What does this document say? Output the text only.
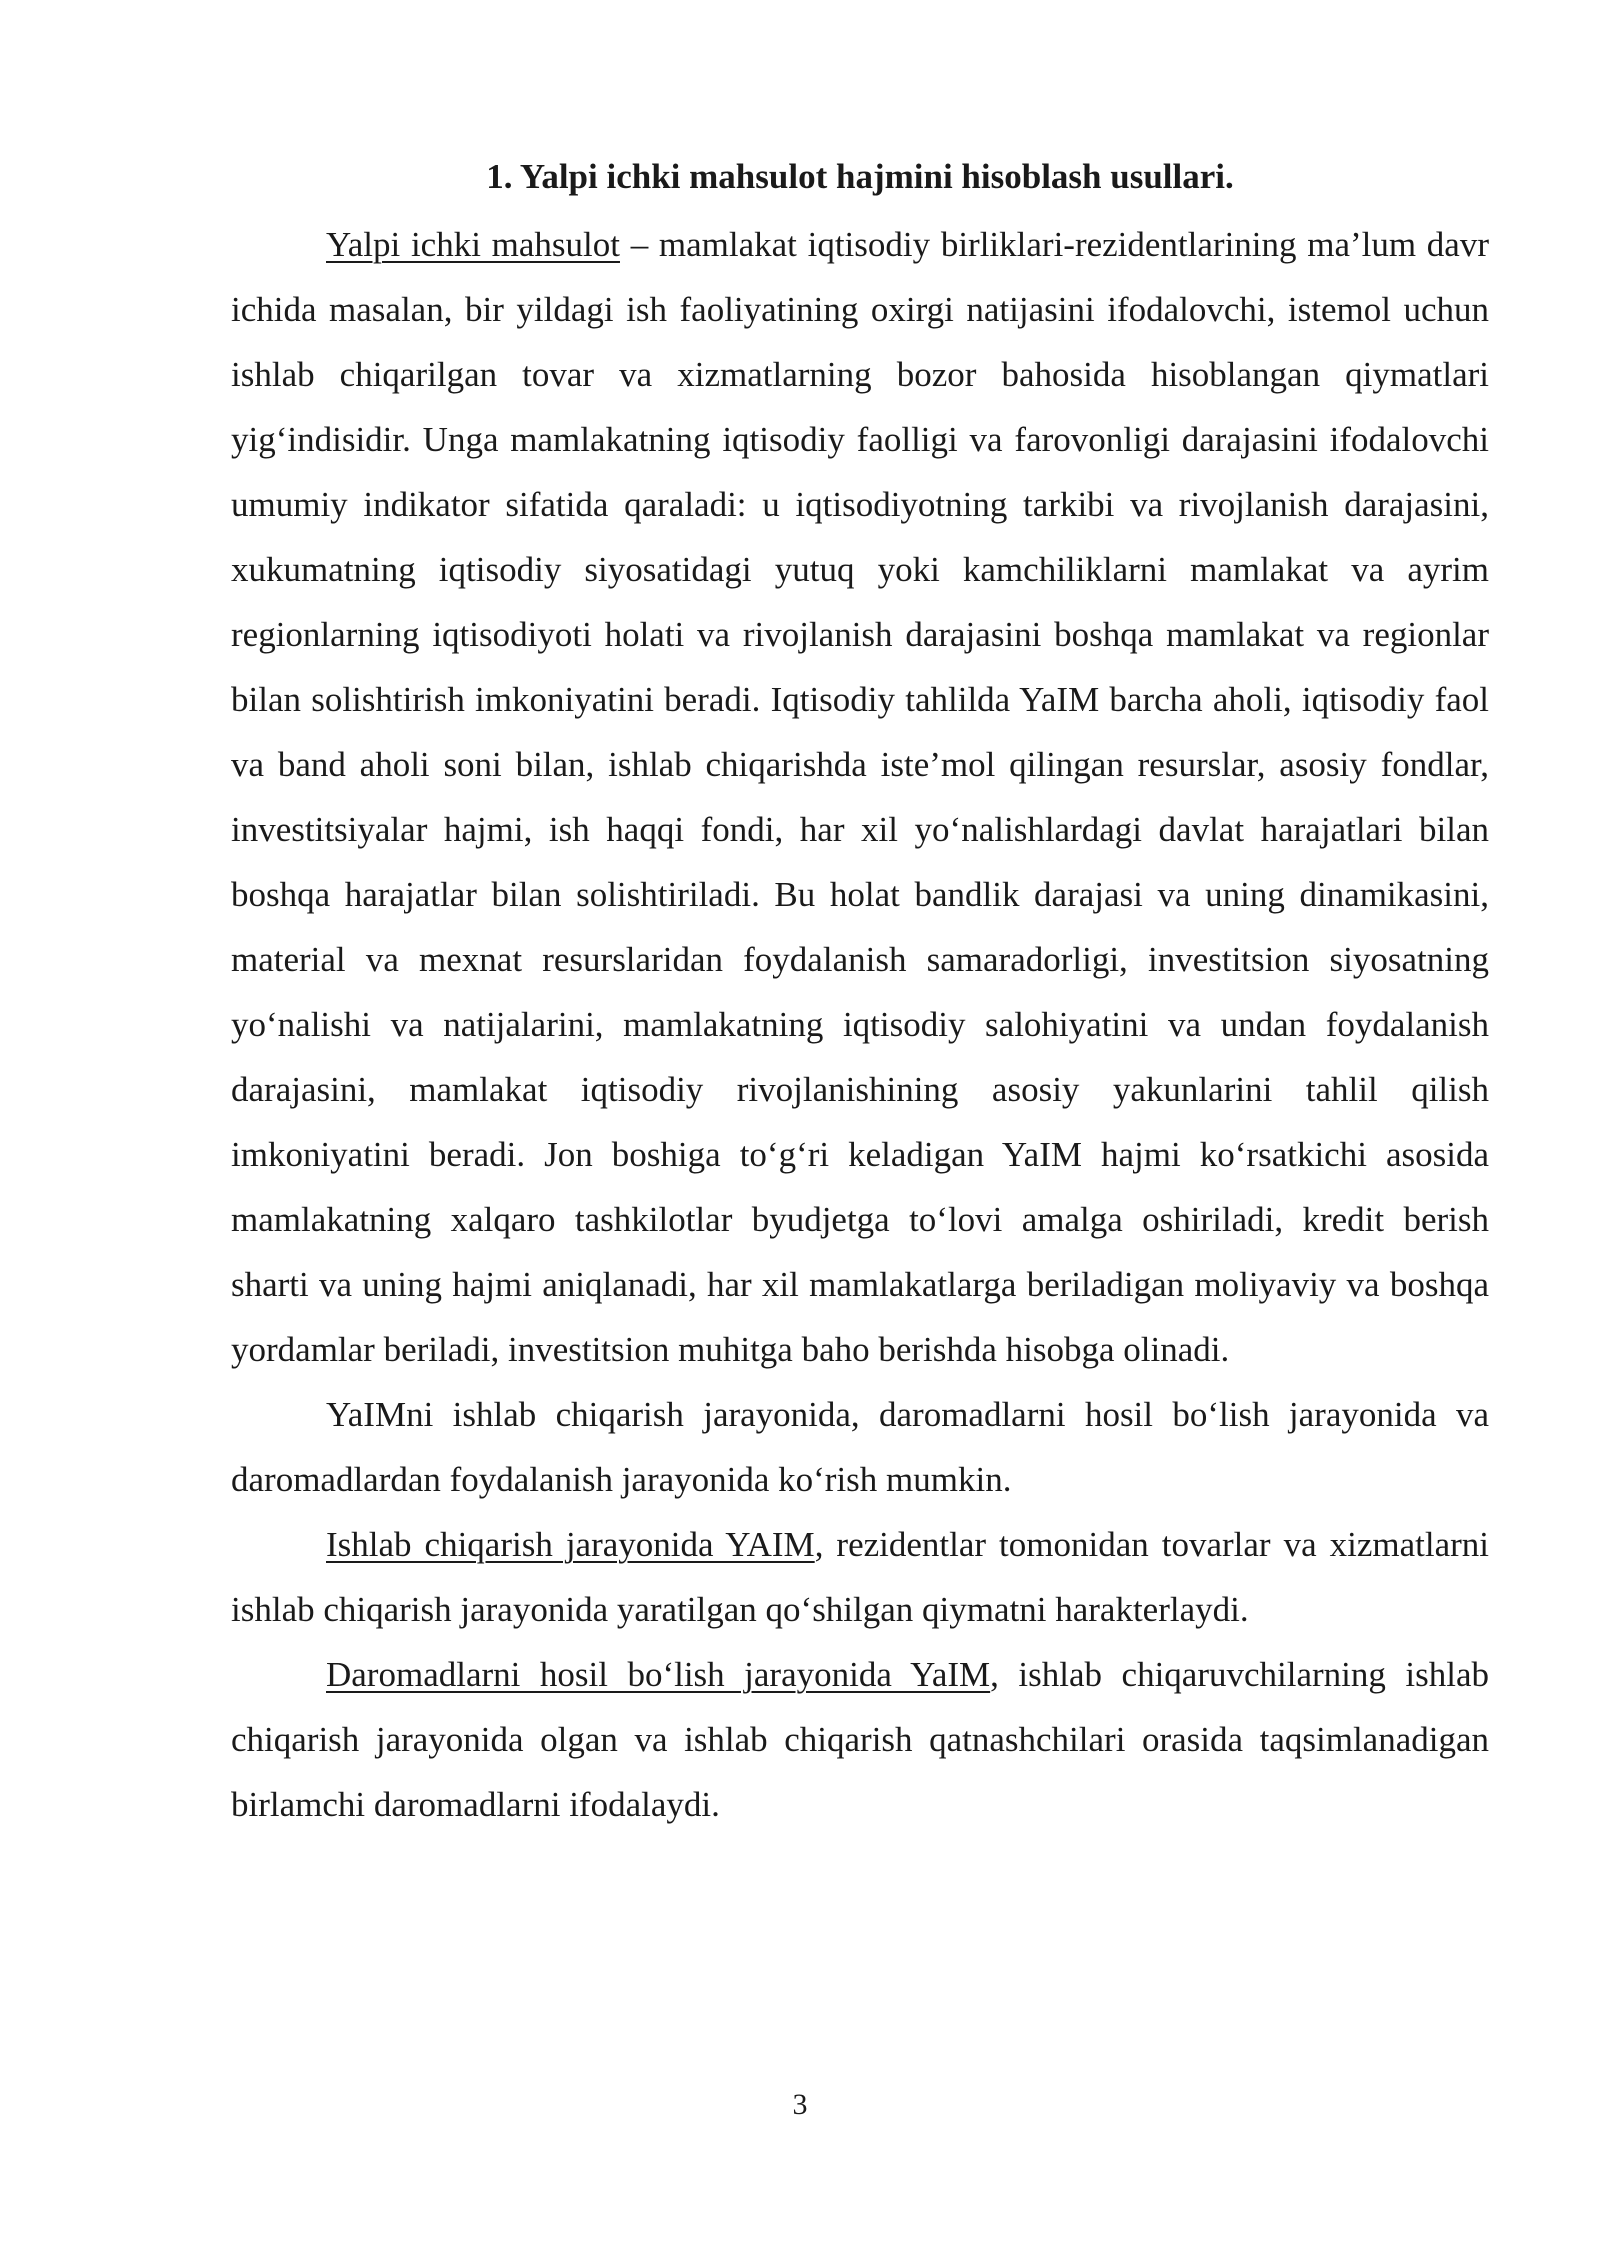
1. Yalpi ichki mahsulot hajmini hisoblash usullari.

Yalpi ichki mahsulot – mamlakat iqtisodiy birliklari-rezidentlarining ma’lum davr ichida masalan, bir yildagi ish faoliyatining oxirgi natijasini ifodalovchi, istemol uchun ishlab chiqarilgan tovar va xizmatlarning bozor bahosida hisoblangan qiymatlari yig‘indisidir. Unga mamlakatning iqtisodiy faolligi va farovonligi darajasini ifodalovchi umumiy indikator sifatida qaraladi: u iqtisodiyotning tarkibi va rivojlanish darajasini, xukumatning iqtisodiy siyosatidagi yutuq yoki kamchiliklarni mamlakat va ayrim regionlarning iqtisodiyoti holati va rivojlanish darajasini boshqa mamlakat va regionlar bilan solishtirish imkoniyatini beradi. Iqtisodiy tahlilda YaIM barcha aholi, iqtisodiy faol va band aholi soni bilan, ishlab chiqarishda iste’mol qilingan resurslar, asosiy fondlar, investitsiyalar hajmi, ish haqqi fondi, har xil yo‘nalishlardagi davlat harajatlari bilan boshqa harajatlar bilan solishtiriladi. Bu holat bandlik darajasi va uning dinamikasini, material va mexnat resurslaridan foydalanish samaradorligi, investitsion siyosatning yo‘nalishi va natijalarini, mamlakatning iqtisodiy salohiyatini va undan foydalanish darajasini, mamlakat iqtisodiy rivojlanishining asosiy yakunlarini tahlil qilish imkoniyatini beradi. Jon boshiga to‘g‘ri keladigan YaIM hajmi ko‘rsatkichi asosida mamlakatning xalqaro tashkilotlar byudjetga to‘lovi amalga oshiriladi, kredit berish sharti va uning hajmi aniqlanadi, har xil mamlakatlarga beriladigan moliyaviy va boshqa yordamlar beriladi, investitsion muhitga baho berishda hisobga olinadi.

YaIMni ishlab chiqarish jarayonida, daromadlarni hosil bo‘lish jarayonida va daromadlardan foydalanish jarayonida ko‘rish mumkin.

Ishlab chiqarish jarayonida YAIM, rezidentlar tomonidan tovarlar va xizmatlarni ishlab chiqarish jarayonida yaratilgan qo‘shilgan qiymatni harakterlaydi.

Daromadlarni hosil bo‘lish jarayonida YaIM, ishlab chiqaruvchilarning ishlab chiqarish jarayonida olgan va ishlab chiqarish qatnashchilari orasida taqsimlanadigan birlamchi daromadlarni ifodalaydi.

3
